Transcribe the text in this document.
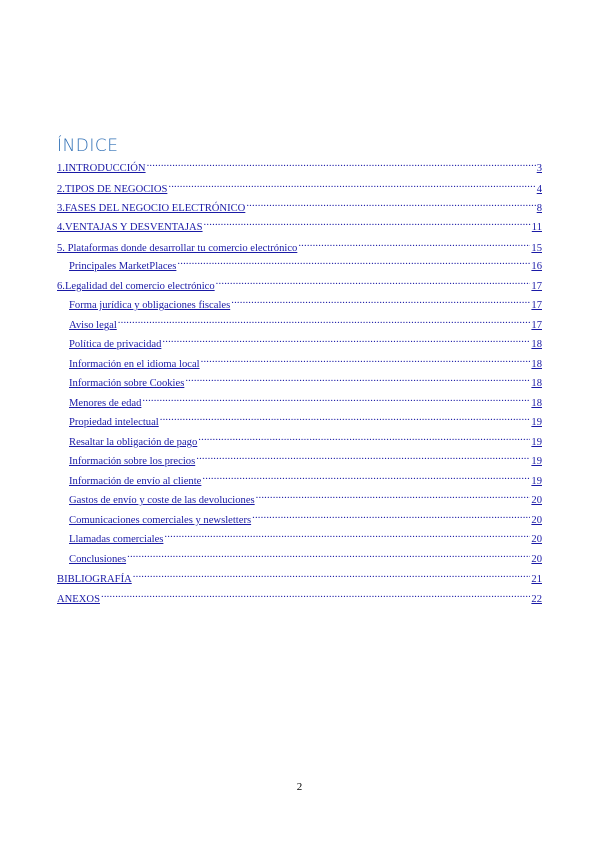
ÍNDICE
1.INTRODUCCIÓN .....	3
2.TIPOS DE NEGOCIOS .....	4
3.FASES DEL NEGOCIO ELECTRÓNICO .....	8
4.VENTAJAS Y DESVENTAJAS .....	11
5. Plataformas donde desarrollar tu comercio electrónico .....	15
Principales MarketPlaces .....	16
6.Legalidad del comercio electrónico .....	17
Forma jurídica y obligaciones fiscales .....	17
Aviso legal .....	17
Política de privacidad .....	18
Información en el idioma local .....	18
Información sobre Cookies .....	18
Menores de edad .....	18
Propiedad intelectual .....	19
Resaltar la obligación de pago .....	19
Información sobre los precios .....	19
Información de envío al cliente .....	19
Gastos de envío y coste de las devoluciones .....	20
Comunicaciones comerciales y newsletters .....	20
Llamadas comerciales .....	20
Conclusiones .....	20
BIBLIOGRAFÍA .....	21
ANEXOS .....	22
2
